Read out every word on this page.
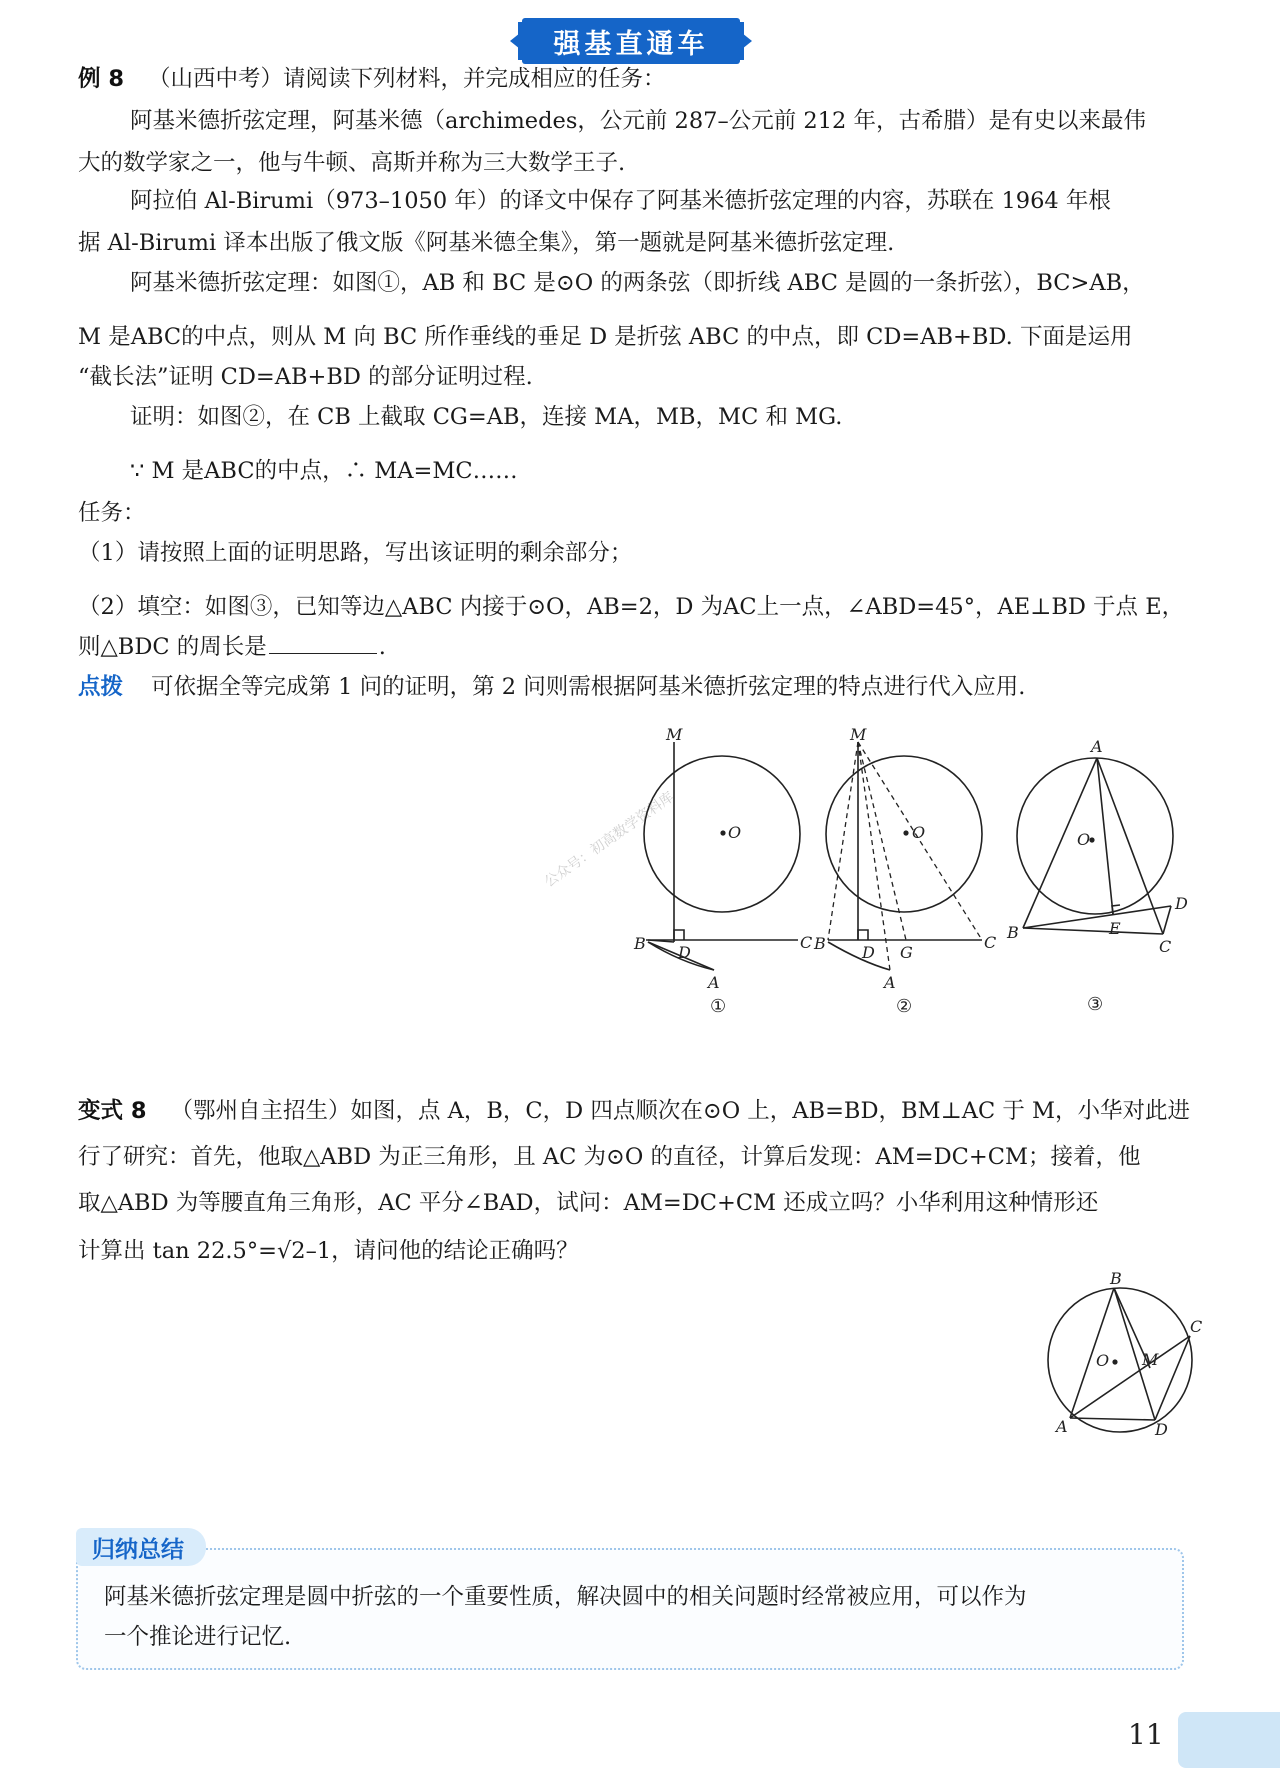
强基直通车
例 8 （山西中考）请阅读下列材料，并完成相应的任务：
阿基米德折弦定理，阿基米德（archimedes，公元前 287–公元前 212 年，古希腊）是有史以来最伟
大的数学家之一，他与牛顿、高斯并称为三大数学王子.
阿拉伯 Al-Birumi（973–1050 年）的译文中保存了阿基米德折弦定理的内容，苏联在 1964 年根
据 Al-Birumi 译本出版了俄文版《阿基米德全集》，第一题就是阿基米德折弦定理.
阿基米德折弦定理：如图①，AB 和 BC 是⊙O 的两条弦（即折线 ABC 是圆的一条折弦），BC>AB，
M 是ABC的中点，则从 M 向 BC 所作垂线的垂足 D 是折弦 ABC 的中点，即 CD=AB+BD. 下面是运用
“截长法”证明 CD=AB+BD 的部分证明过程.
证明：如图②，在 CB 上截取 CG=AB，连接 MA，MB，MC 和 MG.
∵ M 是ABC的中点，∴ MA=MC……
任务：
（1）请按照上面的证明思路，写出该证明的剩余部分；
（2）填空：如图③，已知等边△ABC 内接于⊙O，AB=2，D 为AC上一点，∠ABD=45°，AE⊥BD 于点 E，
则△BDC 的周长是	.
点拨 可依据全等完成第 1 问的证明，第 2 问则需根据阿基米德折弦定理的特点进行代入应用.
公众号：初高数学资料库
M
O
B D
C
A
①
M
O
B D G
C
A
②
A
O
D
E
B
C
③
变式 8 （鄂州自主招生）如图，点 A，B，C，D 四点顺次在⊙O 上，AB=BD，BM⊥AC 于 M，小华对此进
行了研究：首先，他取△ABD 为正三角形，且 AC 为⊙O 的直径，计算后发现：AM=DC+CM；接着，他
取△ABD 为等腰直角三角形，AC 平分∠BAD，试问：AM=DC+CM 还成立吗？小华利用这种情形还
计算出 tan 22.5°=√2–1，请问他的结论正确吗？
B
C
O M
A	D
归纳总结
阿基米德折弦定理是圆中折弦的一个重要性质，解决圆中的相关问题时经常被应用，可以作为
一个推论进行记忆.
11
